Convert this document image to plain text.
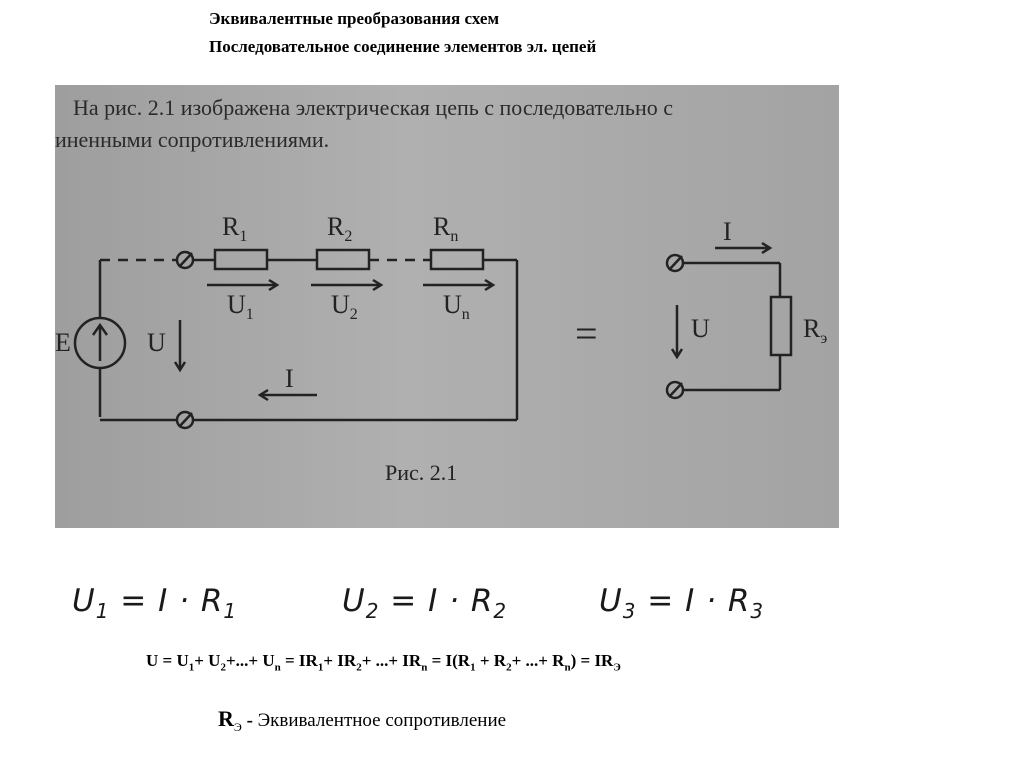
Эквивалентные преобразования схем
Последовательное соединение элементов эл. цепей
На рис. 2.1 изображена электрическая цепь с последовательно с
иненными сопротивлениями.
$R_1$	$R_2$	$R_n$
$U_1$	$U_2$	$U_n$
E	U
I
=
Рис. 2.1
I
U	$R_э$
$U_1 = I \cdot R_1$	$U_2 = I \cdot R_2$	$U_3 = I \cdot R_3$
$U = U_1+ U_2+...+ U_n = IR_1+ IR_2+$ ...+ $IR_n = I(R_1 + R_2+$ ...+ $R_n) = IR_Э$
$R_Э$ - Эквивалентное сопротивление
